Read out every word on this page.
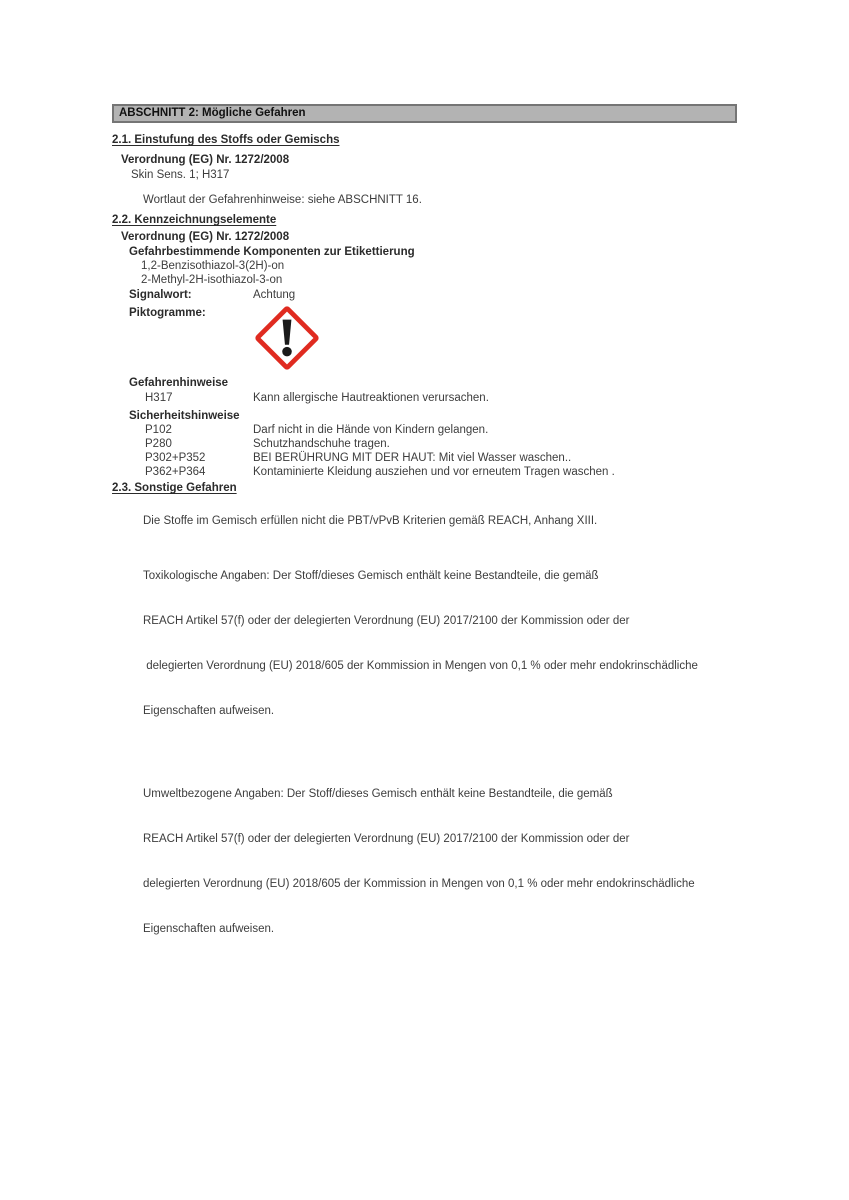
ABSCHNITT 2: Mögliche Gefahren
2.1. Einstufung des Stoffs oder Gemischs
Verordnung (EG) Nr. 1272/2008
Skin Sens. 1; H317
Wortlaut der Gefahrenhinweise: siehe ABSCHNITT 16.
2.2. Kennzeichnungselemente
Verordnung (EG) Nr. 1272/2008
Gefahrbestimmende Komponenten zur Etikettierung
1,2-Benzisothiazol-3(2H)-on
2-Methyl-2H-isothiazol-3-on
Signalwort:	Achtung
Piktogramme:
Gefahrenhinweise
H317	Kann allergische Hautreaktionen verursachen.
Sicherheitshinweise
P102	Darf nicht in die Hände von Kindern gelangen.
P280	Schutzhandschuhe tragen.
P302+P352	BEI BERÜHRUNG MIT DER HAUT: Mit viel Wasser waschen..
P362+P364	Kontaminierte Kleidung ausziehen und vor erneutem Tragen waschen .
2.3. Sonstige Gefahren
Die Stoffe im Gemisch erfüllen nicht die PBT/vPvB Kriterien gemäß REACH, Anhang XIII.

Toxikologische Angaben: Der Stoff/dieses Gemisch enthält keine Bestandteile, die gemäß

REACH Artikel 57(f) oder der delegierten Verordnung (EU) 2017/2100 der Kommission oder der

delegierten Verordnung (EU) 2018/605 der Kommission in Mengen von 0,1 % oder mehr endokrinschädliche

Eigenschaften aufweisen.

Umweltbezogene Angaben: Der Stoff/dieses Gemisch enthält keine Bestandteile, die gemäß

REACH Artikel 57(f) oder der delegierten Verordnung (EU) 2017/2100 der Kommission oder der

delegierten Verordnung (EU) 2018/605 der Kommission in Mengen von 0,1 % oder mehr endokrinschädliche

Eigenschaften aufweisen.
